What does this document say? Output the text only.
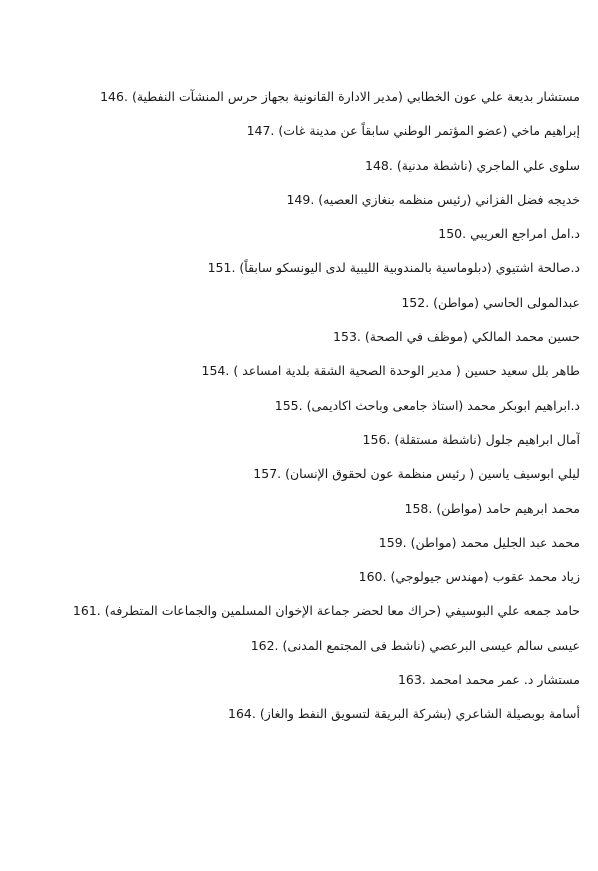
مستشار بديعة علي عون الخطابي (مدير الادارة القانونية بجهاز حرس المنشآت النفطية) 146.
إبراهيم ماخي (عضو المؤتمر الوطني سابقاً عن مدينة غات) 147.
سلوى علي الماجري (ناشطة مدنية) 148.
خديجه فضل الفزاني (رئيس منظمه بنغازي العصيه) 149.
د.امل امراجع العريبي 150.
د.صالحة اشتيوي (دبلوماسية بالمندوبية الليبية لدى اليونسكو سابقاً) 151.
عبدالمولى الحاسي (مواطن) 152.
حسين محمد المالكي (موظف في الصحة) 153.
طاهر بلل سعيد حسين ( مدير الوحدة الصحية الشقة بلدية امساعد ) 154.
د.ابراهيم ابوبكر محمد (استاذ جامعى وباحث اكاديمى) 155.
آمال ابراهيم جلول (ناشطة مستقلة) 156.
ليلي ابوسيف ياسين ( رئيس منظمة عون لحقوق الإنسان) 157.
محمد ابرهيم حامد (مواطن) 158.
محمد عبد الجليل محمد (مواطن) 159.
زياد محمد عقوب (مهندس جيولوجي) 160.
حامد جمعه علي البوسيفي (حراك معا لحضر جماعة الإخوان المسلمين والجماعات المتطرفه) 161.
عيسى سالم عيسى البرعصي (ناشط فى المجتمع المدنى) 162.
مستشار د. عمر محمد امحمد 163.
أسامة بوبصيلة الشاعري (بشركة البريقة لتسويق النفط والغاز) 164.
